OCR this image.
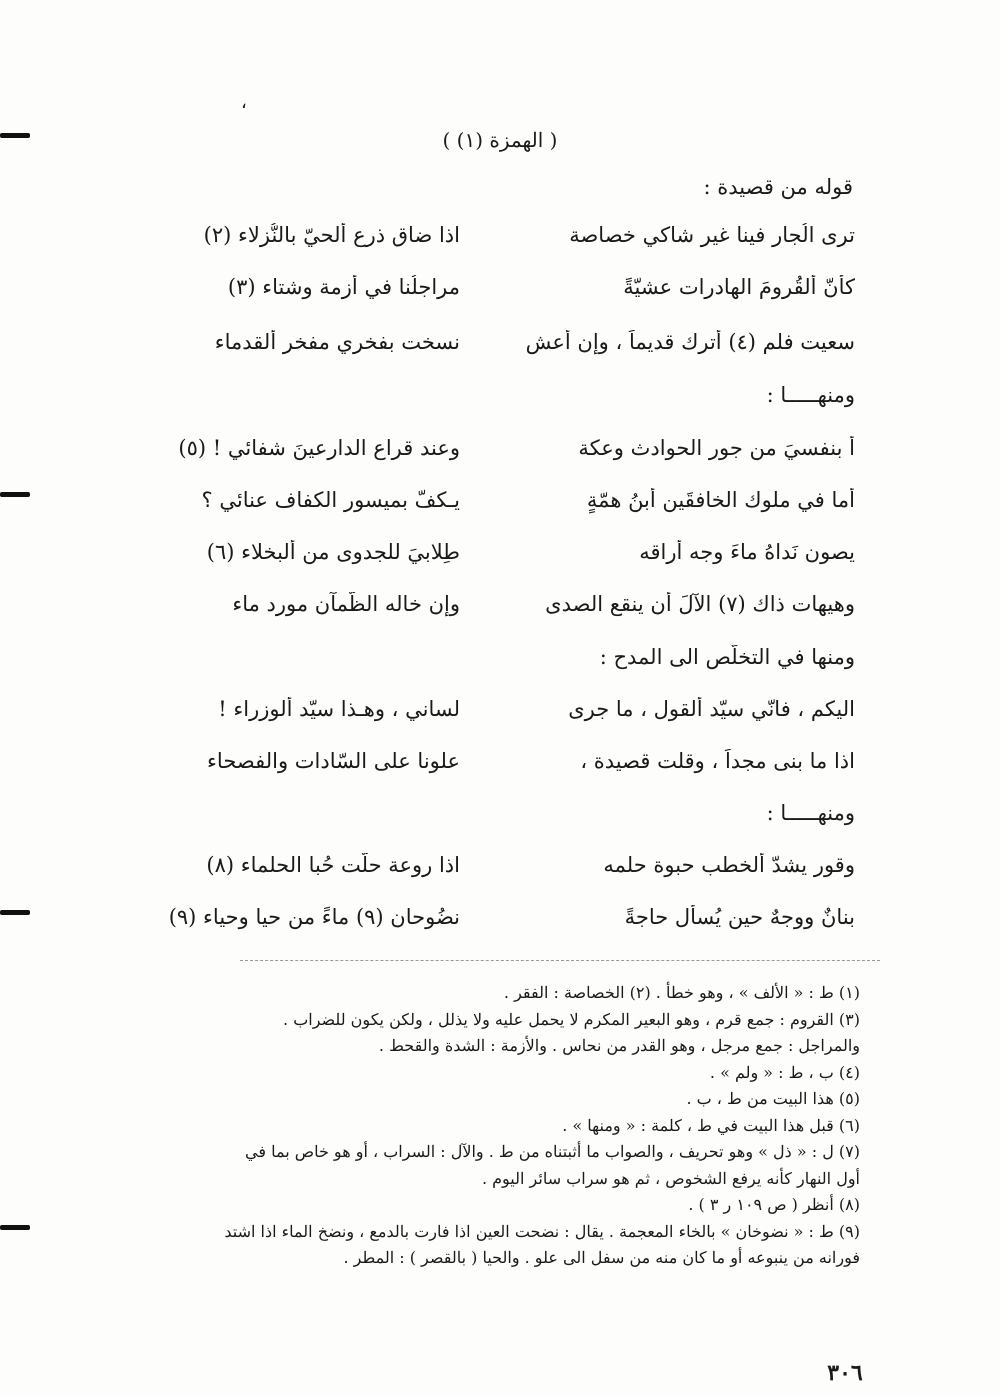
،
( الهمزة (١) )
قوله من قصيدة :
ترى الُجار فينا غير شاكي خصاصة
اذا ضاق ذرع ألحيّ بالنُّزلاء (٢)
كأنّ ألقُرومَ الهادرات عشيّةً
مراجلُنا في أزمة وشتاء (٣)
سعيت فلم (٤) أترك قديماً ، وإن أعش
نسخت بفخري مفخر ألقدماء
ومنهـــــا :
أ بنفسيَ من جور الحوادث وعكة
وعند قراع الدارعينَ شفائي ! (٥)
أما في ملوك الخافقَين أبنُ همّةٍ
يـكفّ بميسور الكفاف عنائي ؟
يصون نَداهُ ماءَ وجه أراقه
طِلابيَ للجدوى من ألبخلاء (٦)
وهيهات ذاك (٧) الآلَ أن ينقع الصدى
وإن خاله الظّمآن مورد ماء
ومنها في التخلّص الى المدح :
اليكم ، فانّي سيّد ألقول ، ما جرى
لساني ، وهـذا سيّد ألوزراء !
اذا ما بنى مجداً ، وقلت قصيدة ،
علونا على السّادات والفصحاء
ومنهـــــا :
وقور يشدّ ألخطب حبوة حلمه
اذا روعة حلّت حُبا الحلماء (٨)
بنانٌ ووجهٌ حين يُسأل حاجةً
نضُوحان (٩) ماءً من حيا وحياء (٩)
(١) ط : « الألف » ، وهو خطأ . (٢) الخصاصة : الفقر .
(٣) القروم : جمع قرم ، وهو البعير المكرم لا يحمل عليه ولا يذلل ، ولكن يكون للضراب .
والمراجل : جمع مرجل ، وهو القدر من نحاس . والأزمة : الشدة والقحط .
(٤) ب ، ط : « ولم » .
(٥) هذا البيت من ط ، ب .
(٦) قبل هذا البيت في ط ، كلمة : « ومنها » .
(٧) ل : « ذل » وهو تحريف ، والصواب ما أثبتناه من ط . والآل : السراب ، أو هو خاص بما في
أول النهار كأنه يرفع الشخوص ، ثم هو سراب سائر اليوم .
(٨) أنظر ( ص ١٠٩ ر ٣ ) .
(٩) ط : « نضوخان » بالخاء المعجمة . يقال : نضحت العين اذا فارت بالدمع ، ونضخ الماء اذا اشتد
فورانه من ينبوعه أو ما كان منه من سفل الى علو . والحيا ( بالقصر ) : المطر .
٣٠٦
